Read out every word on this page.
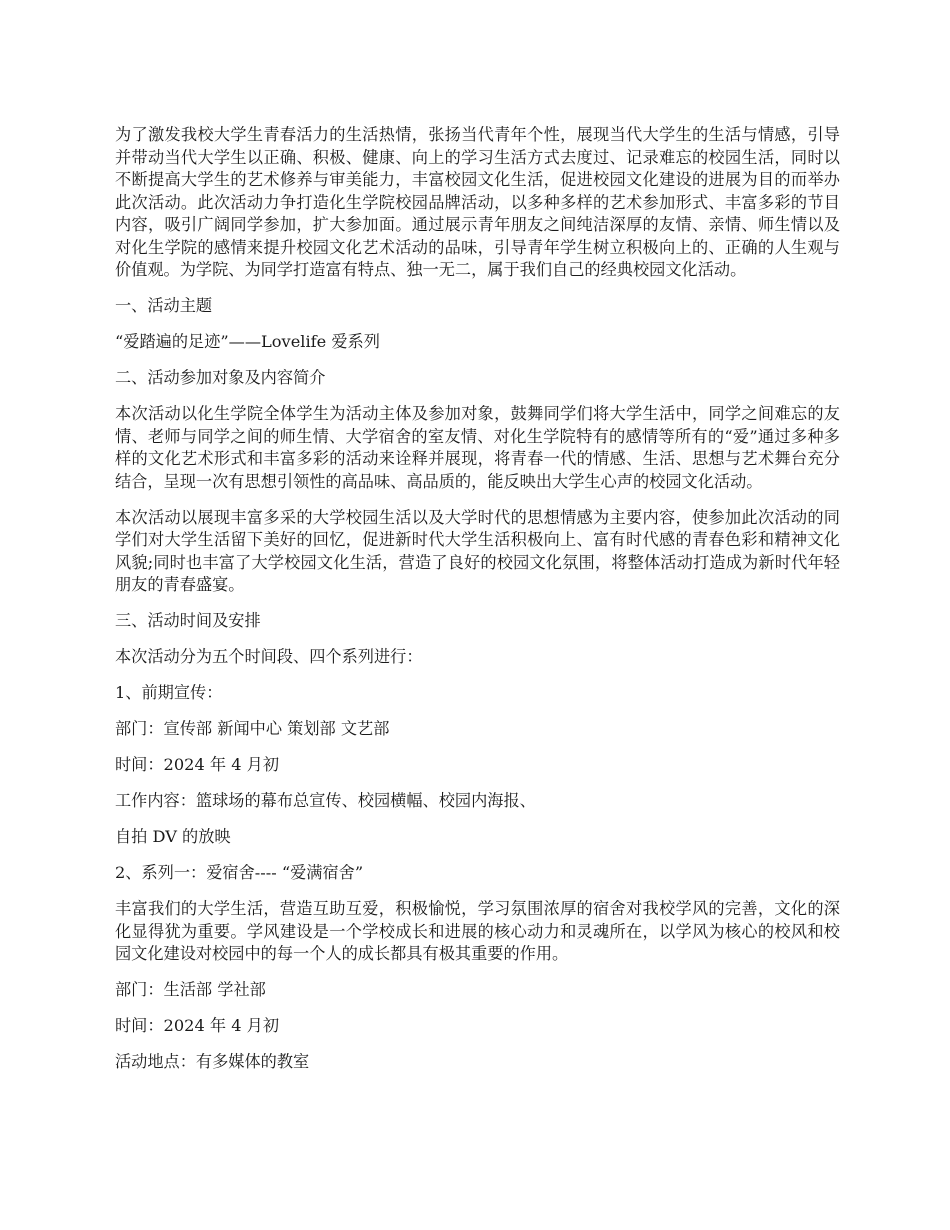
为了激发我校大学生青春活力的生活热情，张扬当代青年个性，展现当代大学生的生活与情感，引导并带动当代大学生以正确、积极、健康、向上的学习生活方式去度过、记录难忘的校园生活，同时以不断提高大学生的艺术修养与审美能力，丰富校园文化生活，促进校园文化建设的进展为目的而举办此次活动。此次活动力争打造化生学院校园品牌活动，以多种多样的艺术参加形式、丰富多彩的节目内容，吸引广阔同学参加，扩大参加面。通过展示青年朋友之间纯洁深厚的友情、亲情、师生情以及对化生学院的感情来提升校园文化艺术活动的品味，引导青年学生树立积极向上的、正确的人生观与价值观。为学院、为同学打造富有特点、独一无二，属于我们自己的经典校园文化活动。

一、活动主题

“爱踏遍的足迹”——Lovelife 爱系列

二、活动参加对象及内容简介

本次活动以化生学院全体学生为活动主体及参加对象，鼓舞同学们将大学生活中，同学之间难忘的友情、老师与同学之间的师生情、大学宿舍的室友情、对化生学院特有的感情等所有的“爱”通过多种多样的文化艺术形式和丰富多彩的活动来诠释并展现，将青春一代的情感、生活、思想与艺术舞台充分结合，呈现一次有思想引领性的高品味、高品质的，能反映出大学生心声的校园文化活动。

本次活动以展现丰富多采的大学校园生活以及大学时代的思想情感为主要内容，使参加此次活动的同学们对大学生活留下美好的回忆，促进新时代大学生活积极向上、富有时代感的青春色彩和精神文化风貌;同时也丰富了大学校园文化生活，营造了良好的校园文化氛围，将整体活动打造成为新时代年轻朋友的青春盛宴。

三、活动时间及安排

本次活动分为五个时间段、四个系列进行：

1、前期宣传：

部门：宣传部 新闻中心 策划部 文艺部

时间：2024 年 4 月初

工作内容：篮球场的幕布总宣传、校园横幅、校园内海报、

自拍 DV 的放映

2、系列一：爱宿舍---- “爱满宿舍”

丰富我们的大学生活，营造互助互爱，积极愉悦，学习氛围浓厚的宿舍对我校学风的完善，文化的深化显得犹为重要。学风建设是一个学校成长和进展的核心动力和灵魂所在，以学风为核心的校风和校园文化建设对校园中的每一个人的成长都具有极其重要的作用。

部门：生活部 学社部

时间：2024 年 4 月初

活动地点：有多媒体的教室
